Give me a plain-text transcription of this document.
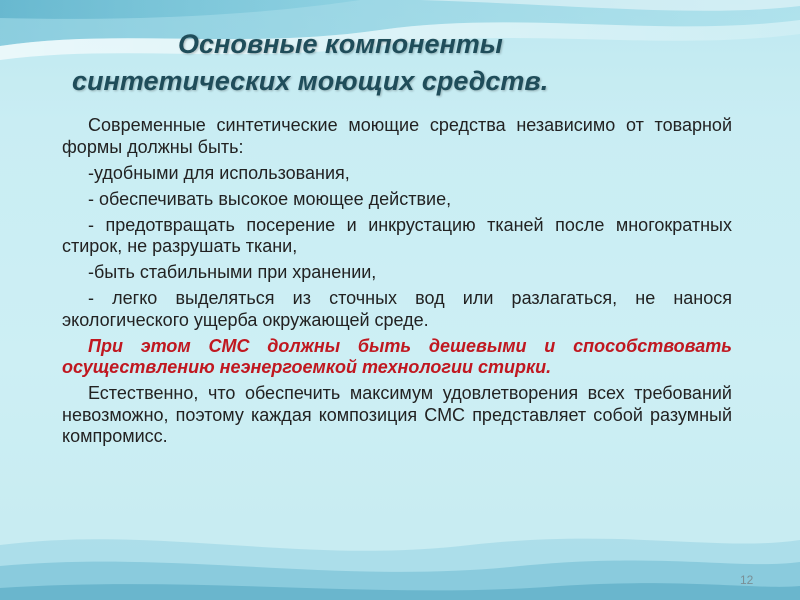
Основные компоненты
синтетических моющих средств.

Современные синтетические моющие средства независимо от товарной формы должны быть:

-удобными для использования,

- обеспечивать высокое моющее действие,

- предотвращать посерение и инкрустацию тканей после многократных стирок, не разрушать ткани,

-быть стабильными при хранении,

- легко выделяться из сточных вод или разлагаться, не нанося экологического ущерба окружающей среде.

При этом СМС должны быть дешевыми и способствовать осуществлению неэнергоемкой технологии стирки.

Естественно, что обеспечить максимум удовлетворения всех требований невозможно, поэтому каждая композиция СМС представляет собой разумный компромисс.

12
